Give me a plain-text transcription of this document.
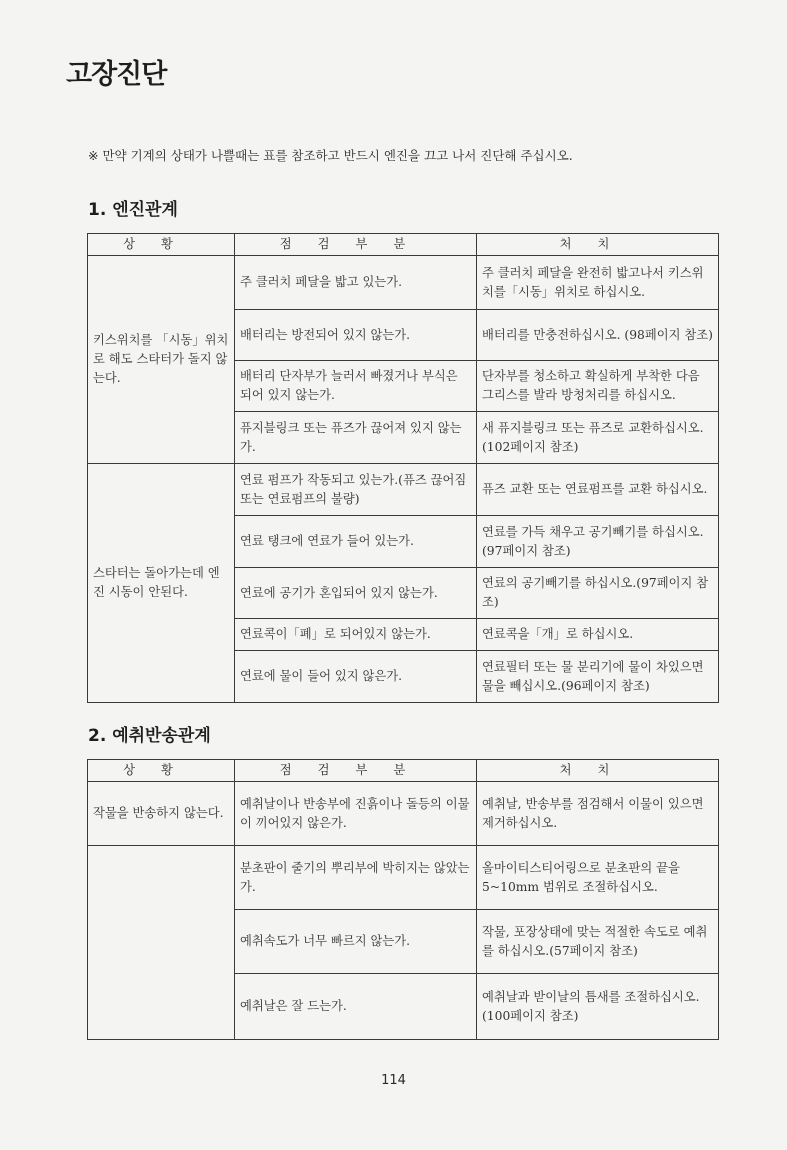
고장진단
※ 만약 기계의 상태가 나쁠때는 표를 참조하고 반드시 엔진을 끄고 나서 진단해 주십시오.
1. 엔진관계
상황	점검부분	처치
키스위치를 「시동」위치로 해도 스타터가 돌지 않는다.	주 클러치 페달을 밟고 있는가.	주 클러치 페달을 완전히 밟고나서 키스위치를「시동」위치로 하십시오.
	배터리는 방전되어 있지 않는가.	배터리를 만충전하십시오. (98페이지 참조)
	배터리 단자부가 늘러서 빠졌거나 부식은 되어 있지 않는가.	단자부를 청소하고 확실하게 부착한 다음 그리스를 발라 방청처리를 하십시오.
	퓨지블링크 또는 퓨즈가 끊어져 있지 않는가.	새 퓨지블링크 또는 퓨즈로 교환하십시오.(102페이지 참조)
스타터는 돌아가는데 엔진 시동이 안된다.	연료 펌프가 작동되고 있는가.(퓨즈 끊어짐 또는 연료펌프의 불량)	퓨즈 교환 또는 연료펌프를 교환 하십시오.
	연료 탱크에 연료가 들어 있는가.	연료를 가득 채우고 공기빼기를 하십시오.(97페이지 참조)
	연료에 공기가 혼입되어 있지 않는가.	연료의 공기빼기를 하십시오.(97페이지 참조)
	연료콕이「폐」로 되어있지 않는가.	연료콕을「개」로 하십시오.
	연료에 물이 들어 있지 않은가.	연료필터 또는 물 분리기에 물이 차있으면 물을 빼십시오.(96페이지 참조)
2. 예취반송관계
상황	점검부분	처치
작물을 반송하지 않는다.	예취날이나 반송부에 진흙이나 돌등의 이물이 끼어있지 않은가.	예취날, 반송부를 점검해서 이물이 있으면 제거하십시오.
	분초판이 줄기의 뿌리부에 박히지는 않았는가.	올마이티스티어링으로 분초판의 끝을 5~10mm 범위로 조절하십시오.
	예취속도가 너무 빠르지 않는가.	작물, 포장상태에 맞는 적절한 속도로 예취를 하십시오.(57페이지 참조)
	예취날은 잘 드는가.	예취날과 받이날의 틈새를 조절하십시오. (100페이지 참조)
114
